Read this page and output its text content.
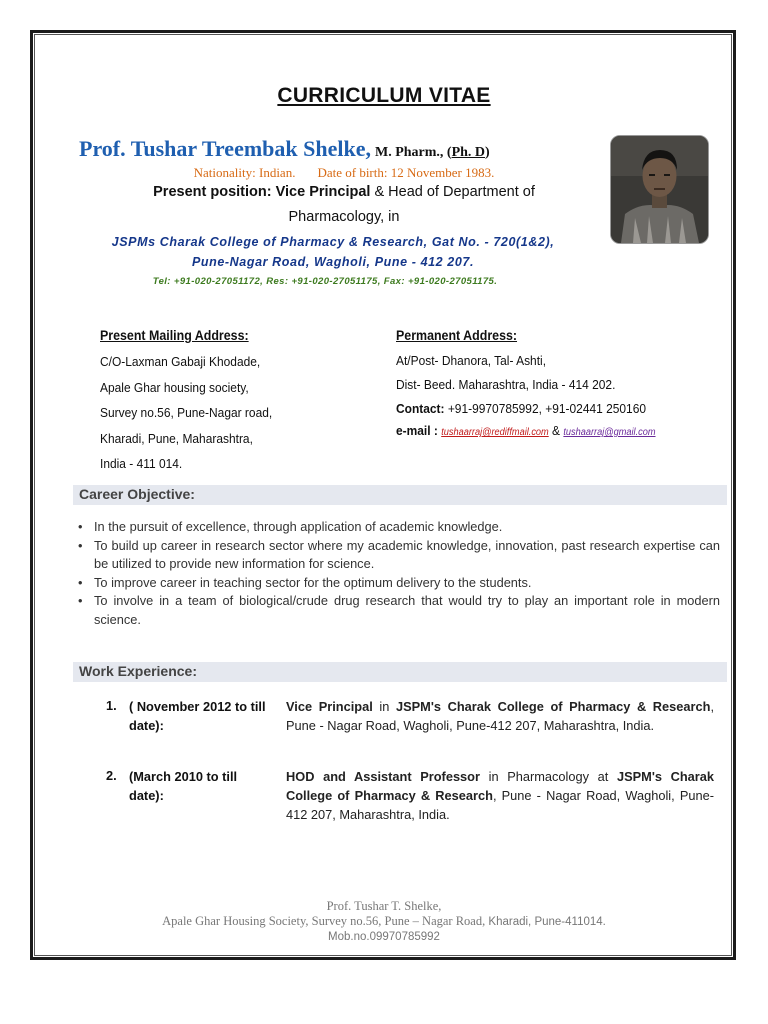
CURRICULUM VITAE
Prof. Tushar Treembak Shelke, M. Pharm., (Ph. D)
Nationality: Indian. Date of birth: 12 November 1983.
Present position: Vice Principal & Head of Department of
Pharmacology, in
JSPMs Charak College of Pharmacy & Research, Gat No. - 720(1&2),
Pune-Nagar Road, Wagholi, Pune - 412 207.
Tel: +91-020-27051172, Res: +91-020-27051175, Fax: +91-020-27051175.
Present Mailing Address:
C/O-Laxman Gabaji Khodade,
Apale Ghar housing society,
Survey no.56, Pune-Nagar road,
Kharadi, Pune, Maharashtra,
India - 411 014.
Permanent Address:
At/Post- Dhanora, Tal- Ashti,
Dist- Beed. Maharashtra, India - 414 202.
Contact: +91-9970785992, +91-02441 250160
e-mail : tushaarraj@rediffmail.com & tushaarraj@gmail.com
Career Objective:
• In the pursuit of excellence, through application of academic knowledge.
• To build up career in research sector where my academic knowledge, innovation, past research expertise can be utilized to provide new information for science.
• To improve career in teaching sector for the optimum delivery to the students.
• To involve in a team of biological/crude drug research that would try to play an important role in modern science.
Work Experience:
1. ( November 2012 to till date):
Vice Principal in JSPM's Charak College of Pharmacy & Research, Pune - Nagar Road, Wagholi, Pune-412 207, Maharashtra, India.
2. (March 2010 to till date):
HOD and Assistant Professor in Pharmacology at JSPM's Charak College of Pharmacy & Research, Pune - Nagar Road, Wagholi, Pune-412 207, Maharashtra, India.
Prof. Tushar T. Shelke,
Apale Ghar Housing Society, Survey no.56, Pune – Nagar Road, Kharadi, Pune-411014.
Mob.no.09970785992
